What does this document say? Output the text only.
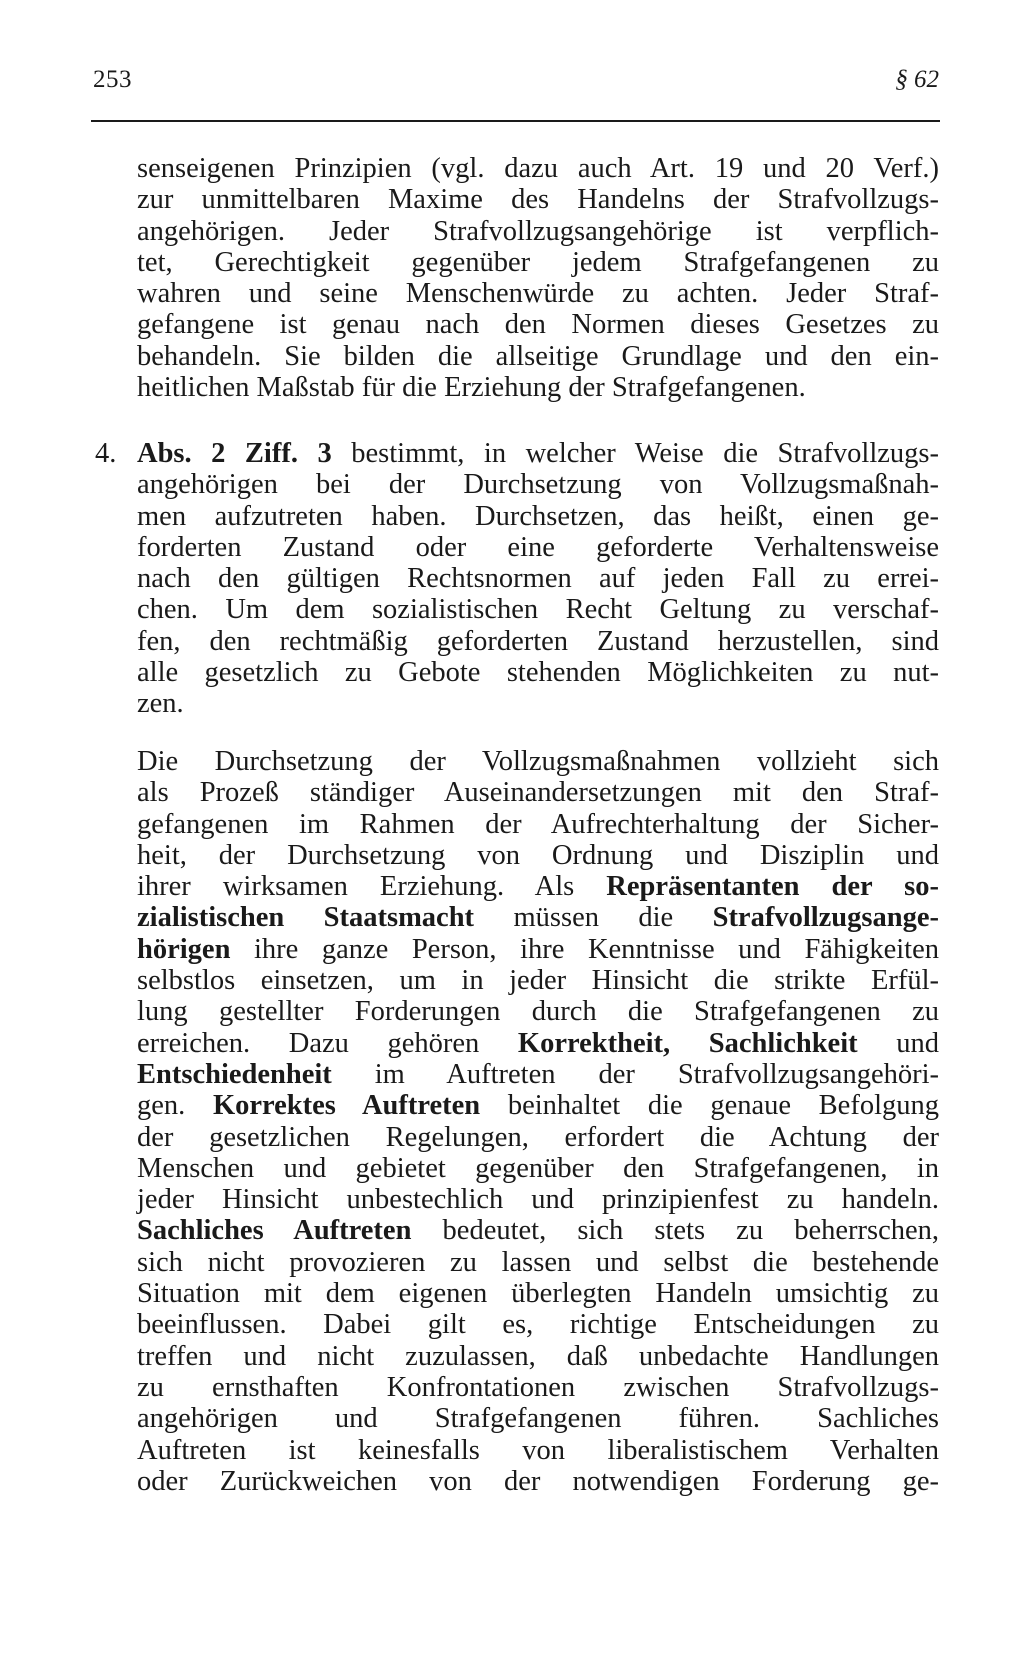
253	§ 62
senseigenen Prinzipien (vgl. dazu auch Art. 19 und 20 Verf.)
zur unmittelbaren Maxime des Handelns der Strafvollzugs-
angehörigen. Jeder Strafvollzugsangehörige ist verpflich-
tet, Gerechtigkeit gegenüber jedem Strafgefangenen zu
wahren und seine Menschenwürde zu achten. Jeder Straf-
gefangene ist genau nach den Normen dieses Gesetzes zu
behandeln. Sie bilden die allseitige Grundlage und den ein-
heitlichen Maßstab für die Erziehung der Strafgefangenen.
4. Abs. 2 Ziff. 3 bestimmt, in welcher Weise die Strafvollzugs-
angehörigen bei der Durchsetzung von Vollzugsmaßnah-
men aufzutreten haben. Durchsetzen, das heißt, einen ge-
forderten Zustand oder eine geforderte Verhaltensweise
nach den gültigen Rechtsnormen auf jeden Fall zu errei-
chen. Um dem sozialistischen Recht Geltung zu verschaf-
fen, den rechtmäßig geforderten Zustand herzustellen, sind
alle gesetzlich zu Gebote stehenden Möglichkeiten zu nut-
zen.
Die Durchsetzung der Vollzugsmaßnahmen vollzieht sich
als Prozeß ständiger Auseinandersetzungen mit den Straf-
gefangenen im Rahmen der Aufrechterhaltung der Sicher-
heit, der Durchsetzung von Ordnung und Disziplin und
ihrer wirksamen Erziehung. Als Repräsentanten der so-
zialistischen Staatsmacht müssen die Strafvollzugsange-
hörigen ihre ganze Person, ihre Kenntnisse und Fähigkeiten
selbstlos einsetzen, um in jeder Hinsicht die strikte Erfül-
lung gestellter Forderungen durch die Strafgefangenen zu
erreichen. Dazu gehören Korrektheit, Sachlichkeit und
Entschiedenheit im Auftreten der Strafvollzugsangehöri-
gen. Korrektes Auftreten beinhaltet die genaue Befolgung
der gesetzlichen Regelungen, erfordert die Achtung der
Menschen und gebietet gegenüber den Strafgefangenen, in
jeder Hinsicht unbestechlich und prinzipienfest zu handeln.
Sachliches Auftreten bedeutet, sich stets zu beherrschen,
sich nicht provozieren zu lassen und selbst die bestehende
Situation mit dem eigenen überlegten Handeln umsichtig zu
beeinflussen. Dabei gilt es, richtige Entscheidungen zu
treffen und nicht zuzulassen, daß unbedachte Handlungen
zu ernsthaften Konfrontationen zwischen Strafvollzugs-
angehörigen und Strafgefangenen führen. Sachliches
Auftreten ist keinesfalls von liberalistischem Verhalten
oder Zurückweichen von der notwendigen Forderung ge-
